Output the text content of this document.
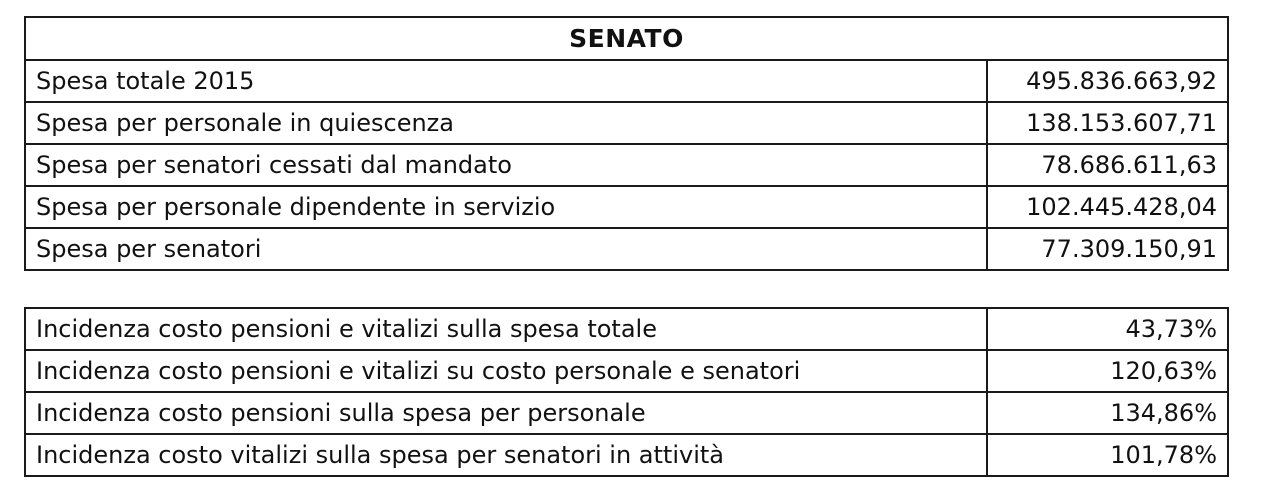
SENATO	
Spesa totale 2015	495.836.663,92
Spesa per personale in quiescenza	138.153.607,71
Spesa per senatori cessati dal mandato	78.686.611,63
Spesa per personale dipendente in servizio	102.445.428,04
Spesa per senatori	77.309.150,91
Incidenza costo pensioni e vitalizi sulla spesa totale	43,73%
Incidenza costo pensioni e vitalizi su costo personale e senatori	120,63%
Incidenza costo pensioni sulla spesa per personale	134,86%
Incidenza costo vitalizi sulla spesa per senatori in attività	101,78%
